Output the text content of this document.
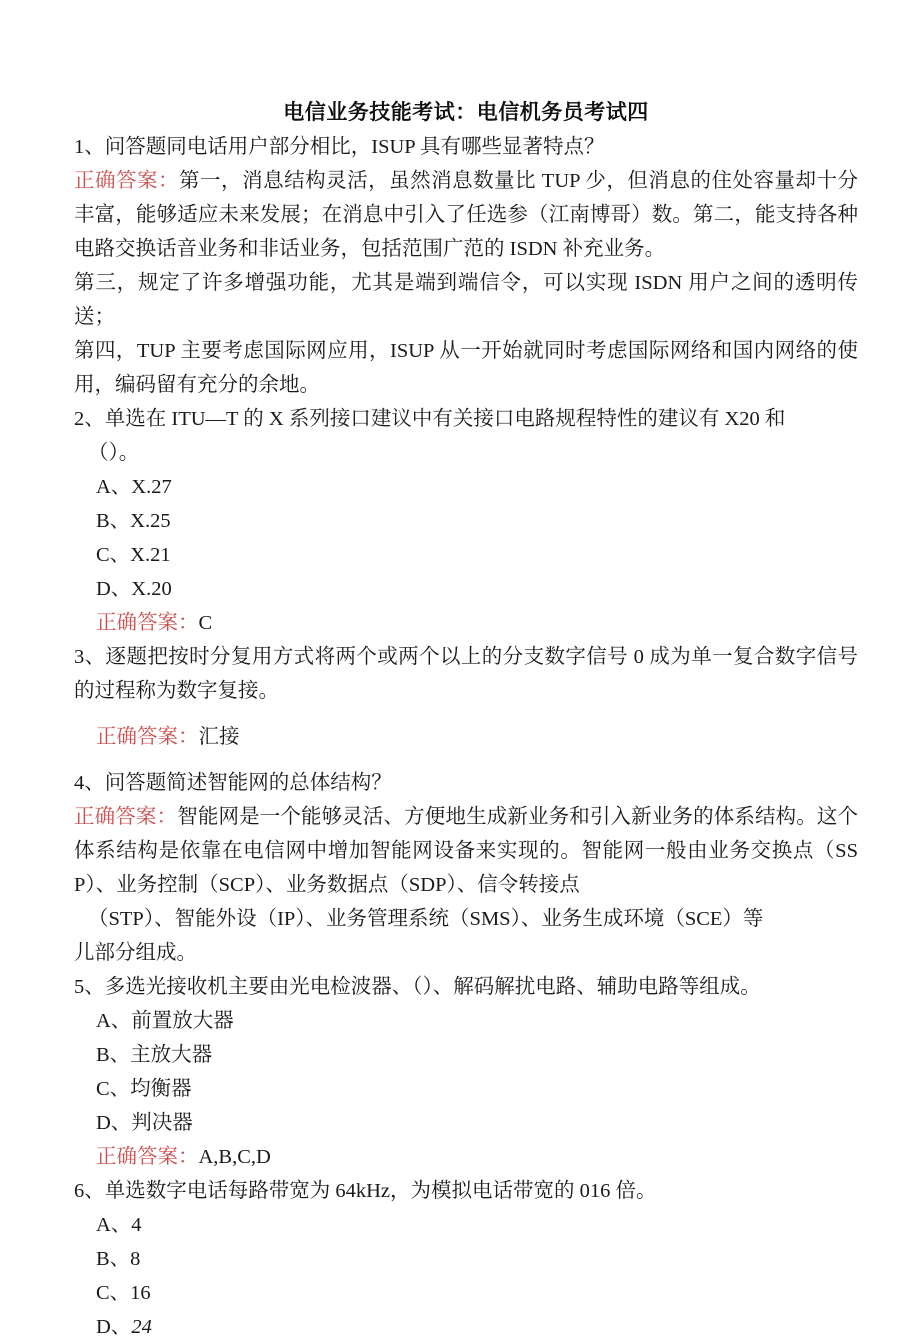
电信业务技能考试：电信机务员考试四
1、问答题同电话用户部分相比，ISUP 具有哪些显著特点？
正确答案：第一，消息结构灵活，虽然消息数量比 TUP 少，但消息的住处容量却十分丰富，能够适应未来发展；在消息中引入了任选参（江南博哥）数。第二，能支持各种电路交换话音业务和非话业务，包括范围广范的 ISDN 补充业务。
第三，规定了许多增强功能，尤其是端到端信令，可以实现 ISDN 用户之间的透明传送；
第四，TUP 主要考虑国际网应用，ISUP 从一开始就同时考虑国际网络和国内网络的使用，编码留有充分的余地。
2、单选在 ITU—T 的 X 系列接口建议中有关接口电路规程特性的建议有 X20 和
（）。
A、X.27
B、X.25
C、X.21
D、X.20
正确答案：C
3、逐题把按时分复用方式将两个或两个以上的分支数字信号 0 成为单一复合数字信号的过程称为数字复接。
正确答案：汇接
4、问答题简述智能网的总体结构？
正确答案：智能网是一个能够灵活、方便地生成新业务和引入新业务的体系结构。这个体系结构是依靠在电信网中增加智能网设备来实现的。智能网一般由业务交换点（SSP）、业务控制（SCP）、业务数据点（SDP）、信令转接点
（STP）、智能外设（IP）、业务管理系统（SMS）、业务生成环境（SCE）等
儿部分组成。
5、多选光接收机主要由光电检波器、（）、解码解扰电路、辅助电路等组成。
A、前置放大器
B、主放大器
C、均衡器
D、判决器
正确答案：A,B,C,D
6、单选数字电话每路带宽为 64kHz，为模拟电话带宽的 016 倍。
A、4
B、8
C、16
D、24
